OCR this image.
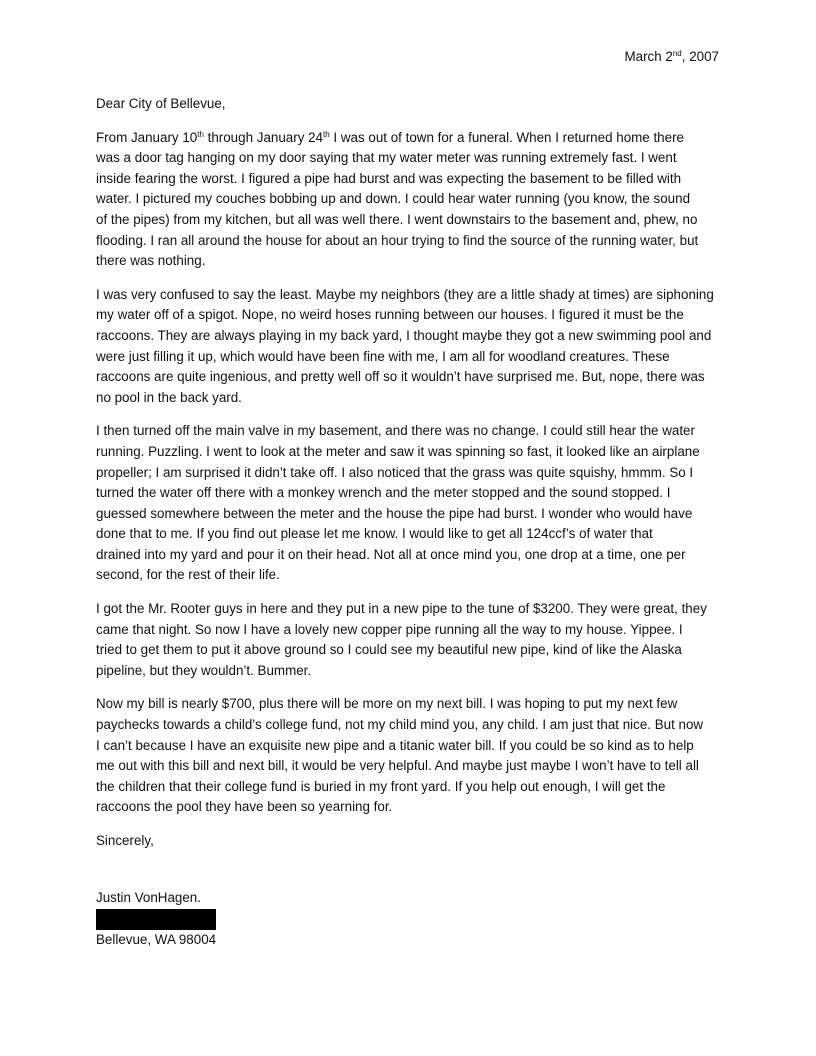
March 2nd, 2007

Dear City of Bellevue,

From January 10th through January 24th I was out of town for a funeral. When I returned home there
was a door tag hanging on my door saying that my water meter was running extremely fast. I went
inside fearing the worst. I figured a pipe had burst and was expecting the basement to be filled with
water. I pictured my couches bobbing up and down. I could hear water running (you know, the sound
of the pipes) from my kitchen, but all was well there. I went downstairs to the basement and, phew, no
flooding. I ran all around the house for about an hour trying to find the source of the running water, but
there was nothing.

I was very confused to say the least. Maybe my neighbors (they are a little shady at times) are siphoning
my water off of a spigot. Nope, no weird hoses running between our houses. I figured it must be the
raccoons. They are always playing in my back yard, I thought maybe they got a new swimming pool and
were just filling it up, which would have been fine with me, I am all for woodland creatures. These
raccoons are quite ingenious, and pretty well off so it wouldn’t have surprised me. But, nope, there was
no pool in the back yard.

I then turned off the main valve in my basement, and there was no change. I could still hear the water
running. Puzzling. I went to look at the meter and saw it was spinning so fast, it looked like an airplane
propeller; I am surprised it didn’t take off. I also noticed that the grass was quite squishy, hmmm. So I
turned the water off there with a monkey wrench and the meter stopped and the sound stopped. I
guessed somewhere between the meter and the house the pipe had burst. I wonder who would have
done that to me. If you find out please let me know. I would like to get all 124ccf’s of water that
drained into my yard and pour it on their head. Not all at once mind you, one drop at a time, one per
second, for the rest of their life.

I got the Mr. Rooter guys in here and they put in a new pipe to the tune of $3200. They were great, they
came that night. So now I have a lovely new copper pipe running all the way to my house. Yippee. I
tried to get them to put it above ground so I could see my beautiful new pipe, kind of like the Alaska
pipeline, but they wouldn’t. Bummer.

Now my bill is nearly $700, plus there will be more on my next bill. I was hoping to put my next few
paychecks towards a child’s college fund, not my child mind you, any child. I am just that nice. But now
I can’t because I have an exquisite new pipe and a titanic water bill. If you could be so kind as to help
me out with this bill and next bill, it would be very helpful. And maybe just maybe I won’t have to tell all
the children that their college fund is buried in my front yard. If you help out enough, I will get the
raccoons the pool they have been so yearning for.

Sincerely,

Justin VonHagen.
Bellevue, WA 98004
